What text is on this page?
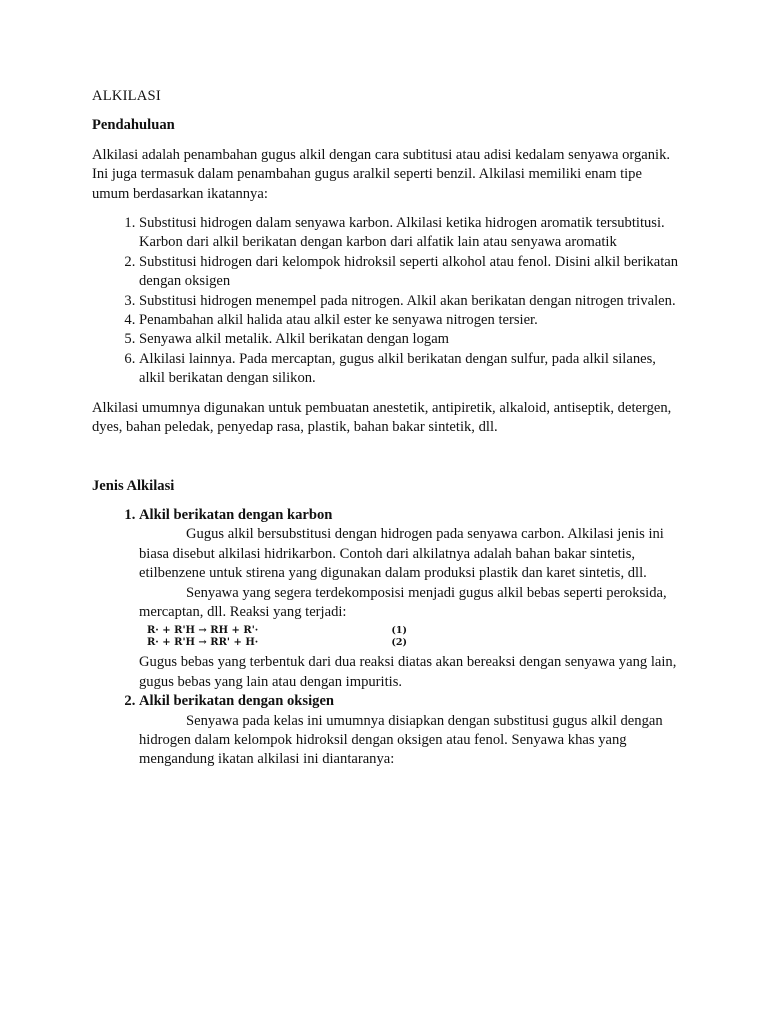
ALKILASI
Pendahuluan

Alkilasi adalah penambahan gugus alkil dengan cara subtitusi atau adisi kedalam senyawa organik. Ini juga termasuk dalam penambahan gugus aralkil seperti benzil. Alkilasi memiliki enam tipe umum berdasarkan ikatannya:

1. Substitusi hidrogen dalam senyawa karbon. Alkilasi ketika hidrogen aromatik tersubtitusi. Karbon dari alkil berikatan dengan karbon dari alfatik lain atau senyawa aromatik
2. Substitusi hidrogen dari kelompok hidroksil seperti alkohol atau fenol. Disini alkil berikatan dengan oksigen
3. Substitusi hidrogen menempel pada nitrogen. Alkil akan berikatan dengan nitrogen trivalen.
4. Penambahan alkil halida atau alkil ester ke senyawa nitrogen tersier.
5. Senyawa alkil metalik. Alkil berikatan dengan logam
6. Alkilasi lainnya. Pada mercaptan, gugus alkil berikatan dengan sulfur, pada alkil silanes, alkil berikatan dengan silikon.

Alkilasi umumnya digunakan untuk pembuatan anestetik, antipiretik, alkaloid, antiseptik, detergen, dyes, bahan peledak, penyedap rasa, plastik, bahan bakar sintetik, dll.

Jenis Alkilasi
1. Alkil berikatan dengan karbon

Gugus alkil bersubstitusi dengan hidrogen pada senyawa carbon. Alkilasi jenis ini biasa disebut alkilasi hidrikarbon. Contoh dari alkilatnya adalah bahan bakar sintetis, etilbenzene untuk stirena yang digunakan dalam produksi plastik dan karet sintetis, dll.

Senyawa yang segera terdekomposisi menjadi gugus alkil bebas seperti peroksida, mercaptan, dll. Reaksi yang terjadi:

R· + R'H → RH + R'·	(1)
R· + R'H → RR' + H·	(2)

Gugus bebas yang terbentuk dari dua reaksi diatas akan bereaksi dengan senyawa yang lain, gugus bebas yang lain atau dengan impuritis.

2. Alkil berikatan dengan oksigen

Senyawa pada kelas ini umumnya disiapkan dengan substitusi gugus alkil dengan hidrogen dalam kelompok hidroksil dengan oksigen atau fenol. Senyawa khas yang mengandung ikatan alkilasi ini diantaranya:
